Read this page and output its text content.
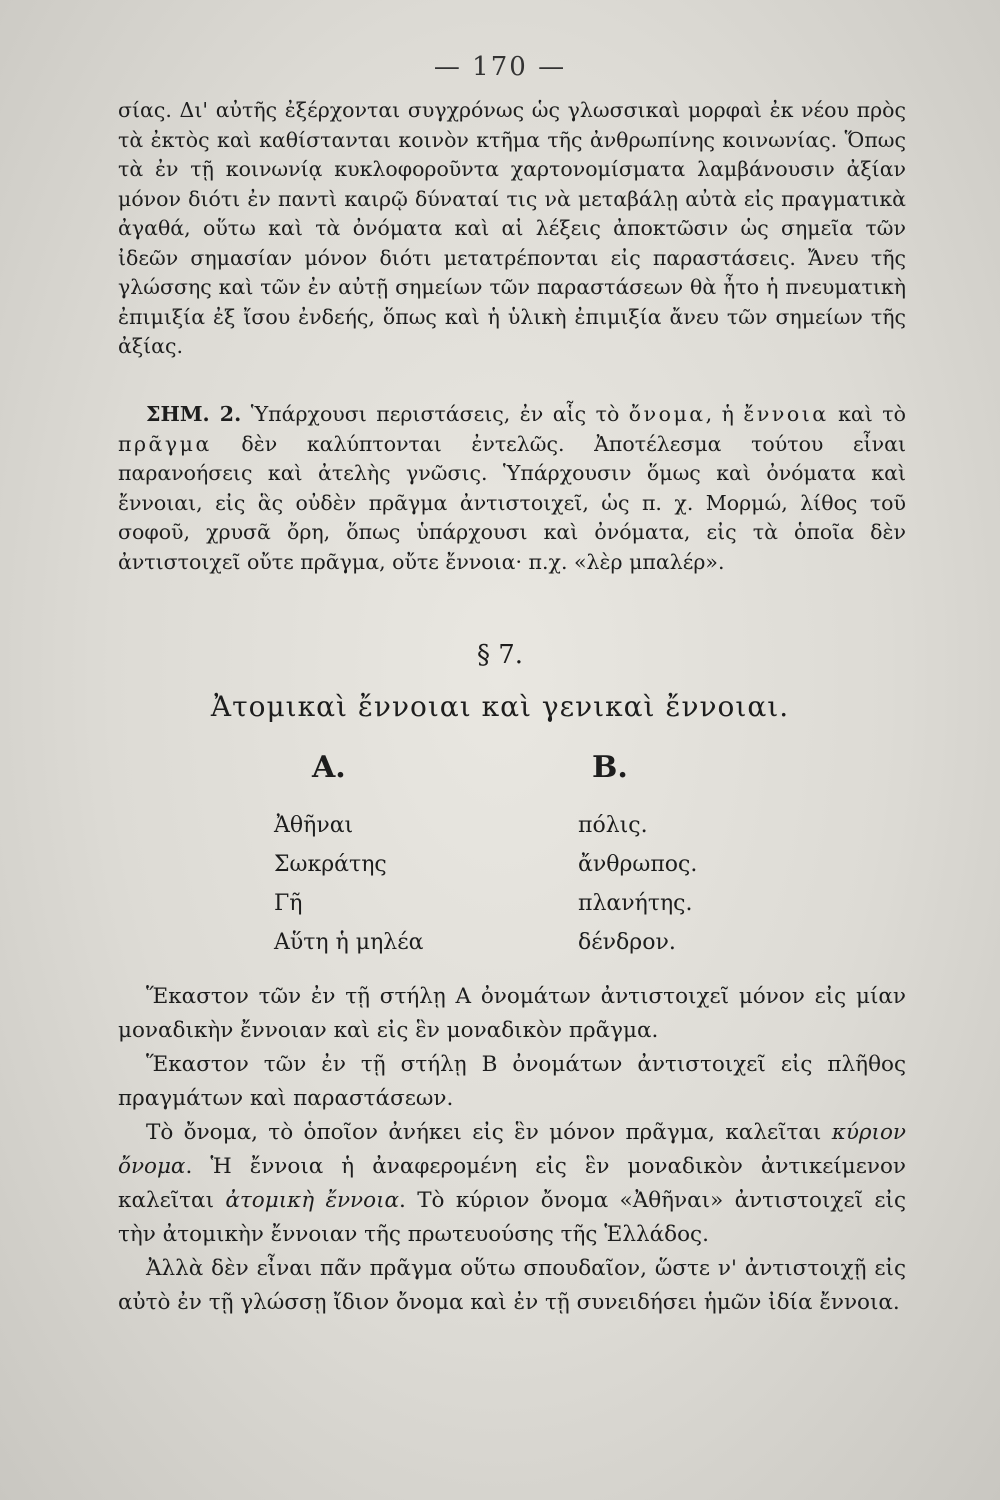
— 170 —

σίας. Δι' αὐτῆς ἐξέρχονται συγχρόνως ὡς γλωσσικαὶ μορφαὶ ἐκ νέου πρὸς τὰ ἐκτὸς καὶ καθίστανται κοινὸν κτῆμα τῆς ἀνθρωπίνης κοινωνίας. Ὅπως τὰ ἐν τῇ κοινωνίᾳ κυκλοφοροῦντα χαρτονομίσματα λαμβάνουσιν ἀξίαν μόνον διότι ἐν παντὶ καιρῷ δύναταί τις νὰ μεταβάλῃ αὐτὰ εἰς πραγματικὰ ἀγαθά, οὕτω καὶ τὰ ὀνόματα καὶ αἱ λέξεις ἀποκτῶσιν ὡς σημεῖα τῶν ἰδεῶν σημασίαν μόνον διότι μετατρέπονται εἰς παραστάσεις. Ἄνευ τῆς γλώσσης καὶ τῶν ἐν αὐτῇ σημείων τῶν παραστάσεων θὰ ἦτο ἡ πνευματικὴ ἐπιμιξία ἐξ ἴσου ἐνδεής, ὅπως καὶ ἡ ὑλικὴ ἐπιμιξία ἄνευ τῶν σημείων τῆς ἀξίας.

ΣΗΜ. 2. Ὑπάρχουσι περιστάσεις, ἐν αἷς τὸ ὄνομα, ἡ ἔννοια καὶ τὸ πρᾶγμα δὲν καλύπτονται ἐντελῶς. Ἀποτέλεσμα τούτου εἶναι παρανοήσεις καὶ ἀτελὴς γνῶσις. Ὑπάρχουσιν ὅμως καὶ ὀνόματα καὶ ἔννοιαι, εἰς ἃς οὐδὲν πρᾶγμα ἀντιστοιχεῖ, ὡς π. χ. Μορμώ, λίθος τοῦ σοφοῦ, χρυσᾶ ὄρη, ὅπως ὑπάρχουσι καὶ ὀνόματα, εἰς τὰ ὁποῖα δὲν ἀντιστοιχεῖ οὔτε πρᾶγμα, οὔτε ἔννοια· π.χ. «λὲρ μπαλέρ».

§ 7.
Ἀτομικαὶ ἔννοιαι καὶ γενικαὶ ἔννοιαι.
Α.	Β.
Ἀθῆναι
Σωκράτης
Γῆ
Αὕτη ἡ μηλέα
πόλις.
ἄνθρωπος.
πλανήτης.
δένδρον.

Ἕκαστον τῶν ἐν τῇ στήλῃ Α ὀνομάτων ἀντιστοιχεῖ μόνον εἰς μίαν μοναδικὴν ἔννοιαν καὶ εἰς ἓν μοναδικὸν πρᾶγμα.

Ἕκαστον τῶν ἐν τῇ στήλῃ Β ὀνομάτων ἀντιστοιχεῖ εἰς πλῆθος πραγμάτων καὶ παραστάσεων.

Τὸ ὄνομα, τὸ ὁποῖον ἀνήκει εἰς ἓν μόνον πρᾶγμα, καλεῖται κύριον ὄνομα. Ἡ ἔννοια ἡ ἀναφερομένη εἰς ἓν μοναδικὸν ἀντικείμενον καλεῖται ἀτομικὴ ἔννοια. Τὸ κύριον ὄνομα «Ἀθῆναι» ἀντιστοιχεῖ εἰς τὴν ἀτομικὴν ἔννοιαν τῆς πρωτευούσης τῆς Ἑλλάδος.

Ἀλλὰ δὲν εἶναι πᾶν πρᾶγμα οὕτω σπουδαῖον, ὥστε ν' ἀντιστοιχῇ εἰς αὐτὸ ἐν τῇ γλώσσῃ ἴδιον ὄνομα καὶ ἐν τῇ συνειδήσει ἡμῶν ἰδία ἔννοια.
